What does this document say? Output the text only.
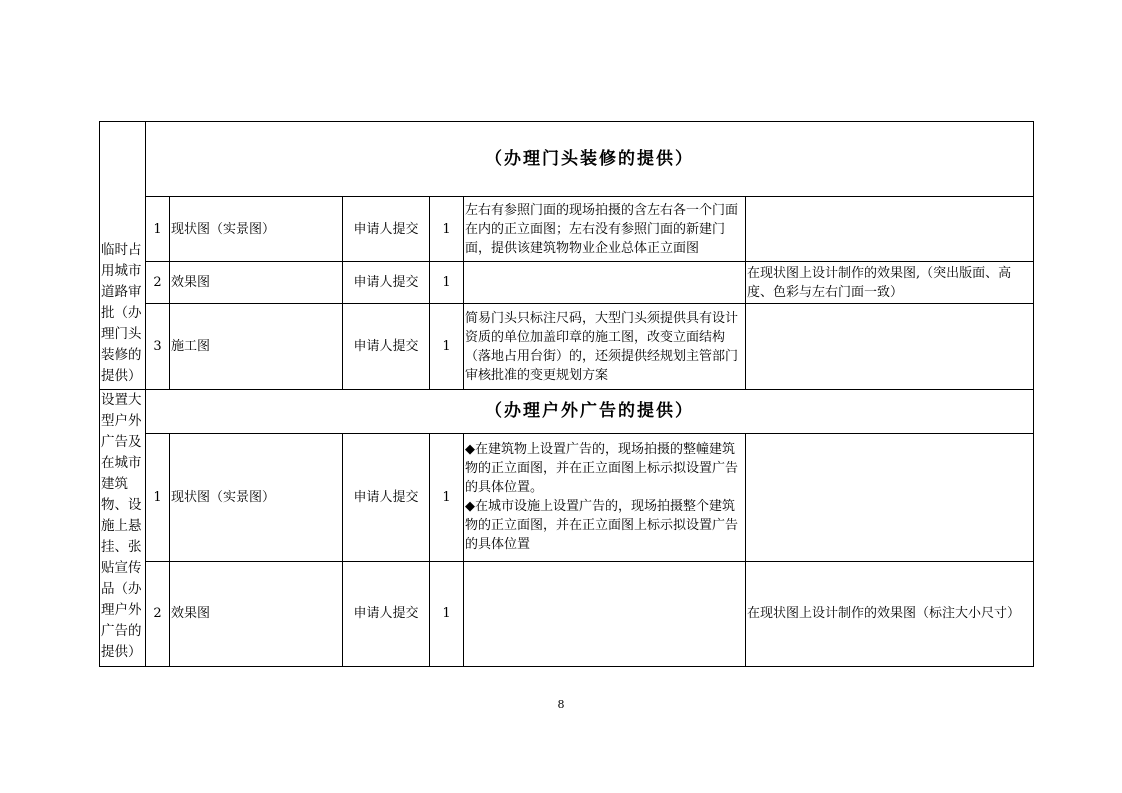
临时占用城市道路审批（办理门头装修的提供）	（办理门头装修的提供）					
	1	现状图（实景图）	申请人提交	1	左右有参照门面的现场拍摄的含左右各一个门面在内的正立面图；左右没有参照门面的新建门面，提供该建筑物物业企业总体正立面图	
	2	效果图	申请人提交	1		在现状图上设计制作的效果图,（突出版面、高度、色彩与左右门面一致）
	3	施工图	申请人提交	1	简易门头只标注尺码，大型门头须提供具有设计资质的单位加盖印章的施工图，改变立面结构（落地占用台街）的，还须提供经规划主管部门审核批准的变更规划方案	
设置大型户外广告及在城市建筑物、设施上悬挂、张贴宣传品（办理户外广告的提供）	（办理户外广告的提供）					
	1	现状图（实景图）	申请人提交	1	◆在建筑物上设置广告的，现场拍摄的整幢建筑物的正立面图，并在正立面图上标示拟设置广告的具体位置。
◆在城市设施上设置广告的，现场拍摄整个建筑物的正立面图，并在正立面图上标示拟设置广告的具体位置	

	2	效果图	申请人提交	1		在现状图上设计制作的效果图（标注大小尺寸）
8
